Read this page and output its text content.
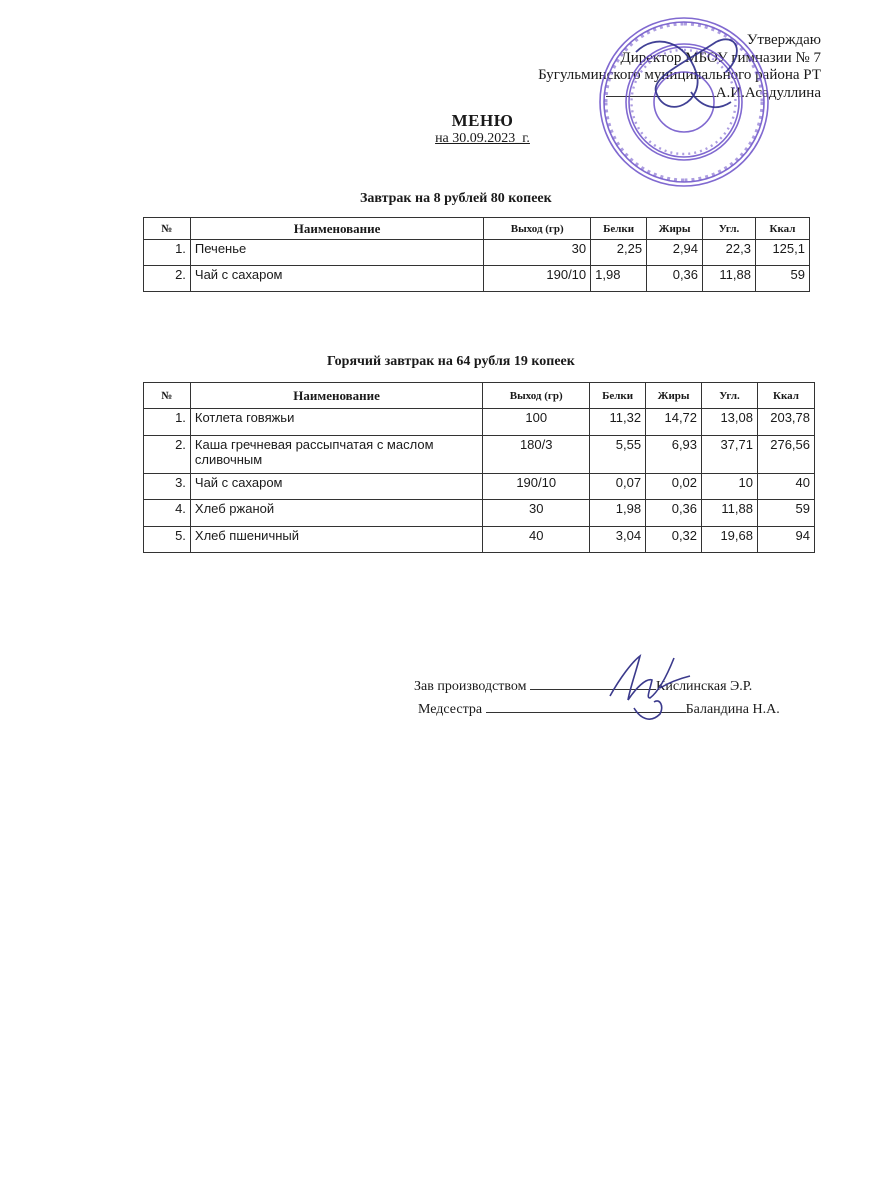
Утверждаю
Директор МБОУ гимназии № 7
Бугульминского муниципального района РТ
А.И.Асадуллина
МЕНЮ
на 30.09.2023_г.
Завтрак на 8 рублей 80 копеек
№	Наименование	Выход (гр)	Белки	Жиры	Угл.	Ккал
1.	Печенье	30	2,25	2,94	22,3	125,1
2.	Чай с сахаром	190/10	1,98	0,36	11,88	59
Горячий завтрак на 64 рубля 19 копеек
№	Наименование	Выход (гр)	Белки	Жиры	Угл.	Ккал
1.	Котлета говяжьи	100	11,32	14,72	13,08	203,78
2.	Каша гречневая рассыпчатая с маслом сливочным	180/3	5,55	6,93	37,71	276,56
3.	Чай с сахаром	190/10	0,07	0,02	10	40
4.	Хлеб ржаной	30	1,98	0,36	11,88	59
5.	Хлеб пшеничный	40	3,04	0,32	19,68	94
Зав производством	Кислинская Э.Р.
Медсестра	Баландина Н.А.
